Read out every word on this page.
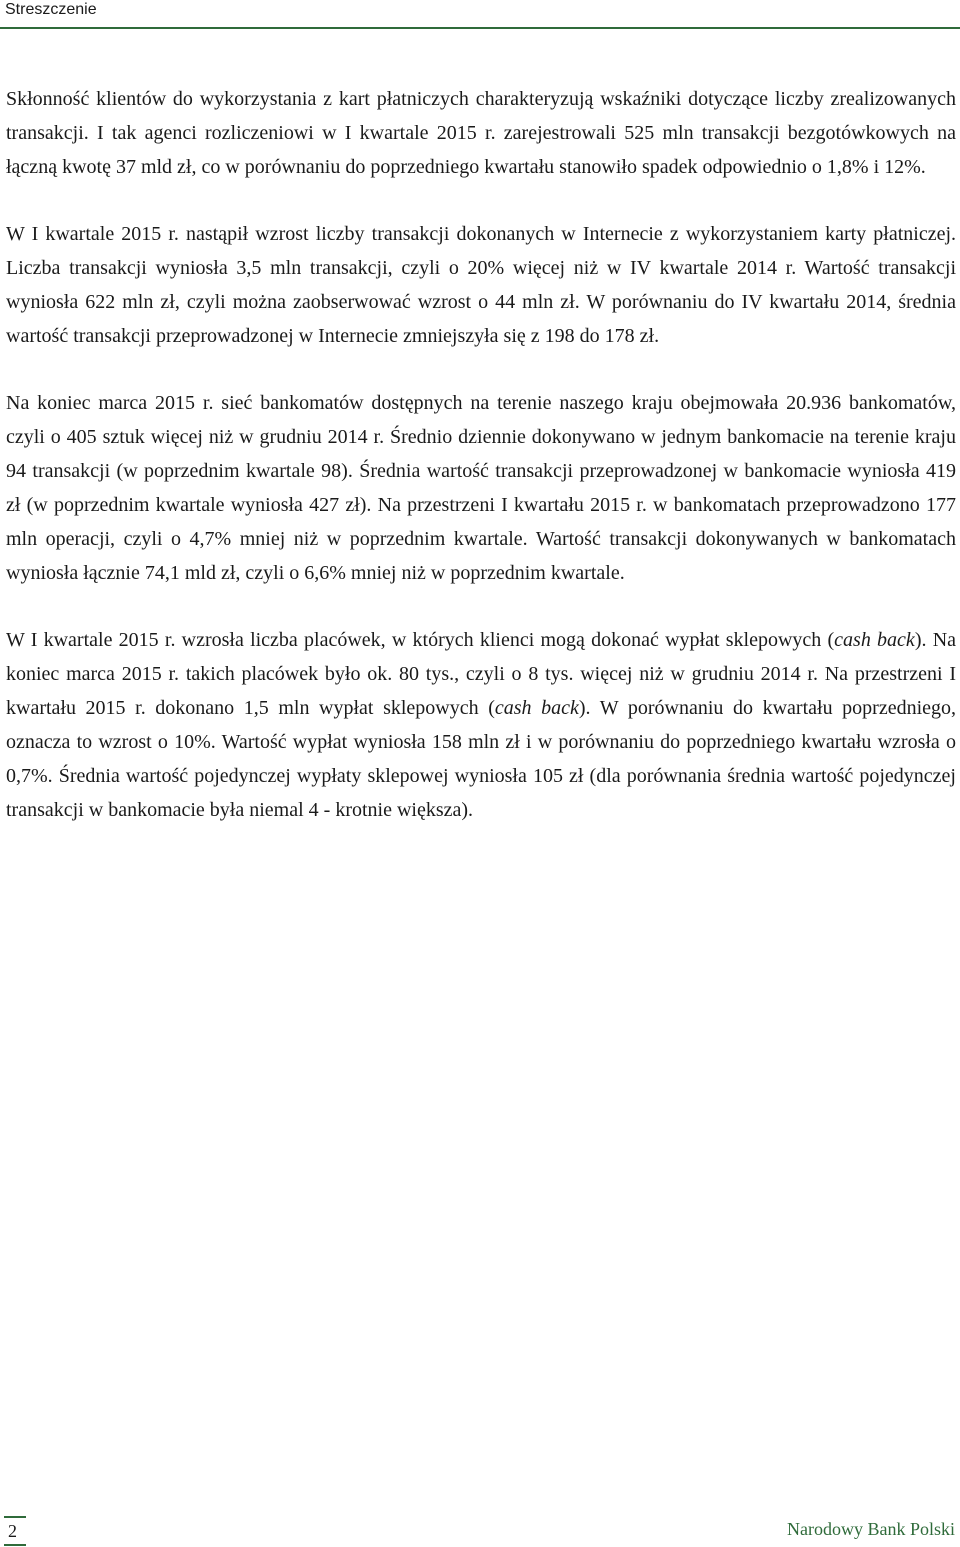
Streszczenie

Skłonność klientów do wykorzystania z kart płatniczych charakteryzują wskaźniki dotyczące liczby zrealizowanych transakcji. I tak agenci rozliczeniowi w I kwartale 2015 r. zarejestrowali 525 mln transakcji bezgotówkowych na łączną kwotę 37 mld zł, co w porównaniu do poprzedniego kwartału stanowiło spadek odpowiednio o 1,8% i 12%.

W I kwartale 2015 r. nastąpił wzrost liczby transakcji dokonanych w Internecie z wykorzystaniem karty płatniczej. Liczba transakcji wyniosła 3,5 mln transakcji, czyli o 20% więcej niż w IV kwartale 2014 r. Wartość transakcji wyniosła 622 mln zł, czyli można zaobserwować wzrost o 44 mln zł. W porównaniu do IV kwartału 2014, średnia wartość transakcji przeprowadzonej w Internecie zmniejszyła się z 198 do 178 zł.

Na koniec marca 2015 r. sieć bankomatów dostępnych na terenie naszego kraju obejmowała 20.936 bankomatów, czyli o 405 sztuk więcej niż w grudniu 2014 r. Średnio dziennie dokonywano w jednym bankomacie na terenie kraju 94 transakcji (w poprzednim kwartale 98). Średnia wartość transakcji przeprowadzonej w bankomacie wyniosła 419 zł (w poprzednim kwartale wyniosła 427 zł). Na przestrzeni I kwartału 2015 r. w bankomatach przeprowadzono 177 mln operacji, czyli o 4,7% mniej niż w poprzednim kwartale. Wartość transakcji dokonywanych w bankomatach wyniosła łącznie 74,1 mld zł, czyli o 6,6% mniej niż w poprzednim kwartale.

W I kwartale 2015 r. wzrosła liczba placówek, w których klienci mogą dokonać wypłat sklepowych (cash back). Na koniec marca 2015 r. takich placówek było ok. 80 tys., czyli o 8 tys. więcej niż w grudniu 2014 r. Na przestrzeni I kwartału 2015 r. dokonano 1,5 mln wypłat sklepowych (cash back). W porównaniu do kwartału poprzedniego, oznacza to wzrost o 10%. Wartość wypłat wyniosła 158 mln zł i w porównaniu do poprzedniego kwartału wzrosła o 0,7%. Średnia wartość pojedynczej wypłaty sklepowej wyniosła 105 zł (dla porównania średnia wartość pojedynczej transakcji w bankomacie była niemal 4 - krotnie większa).

2	Narodowy Bank Polski
